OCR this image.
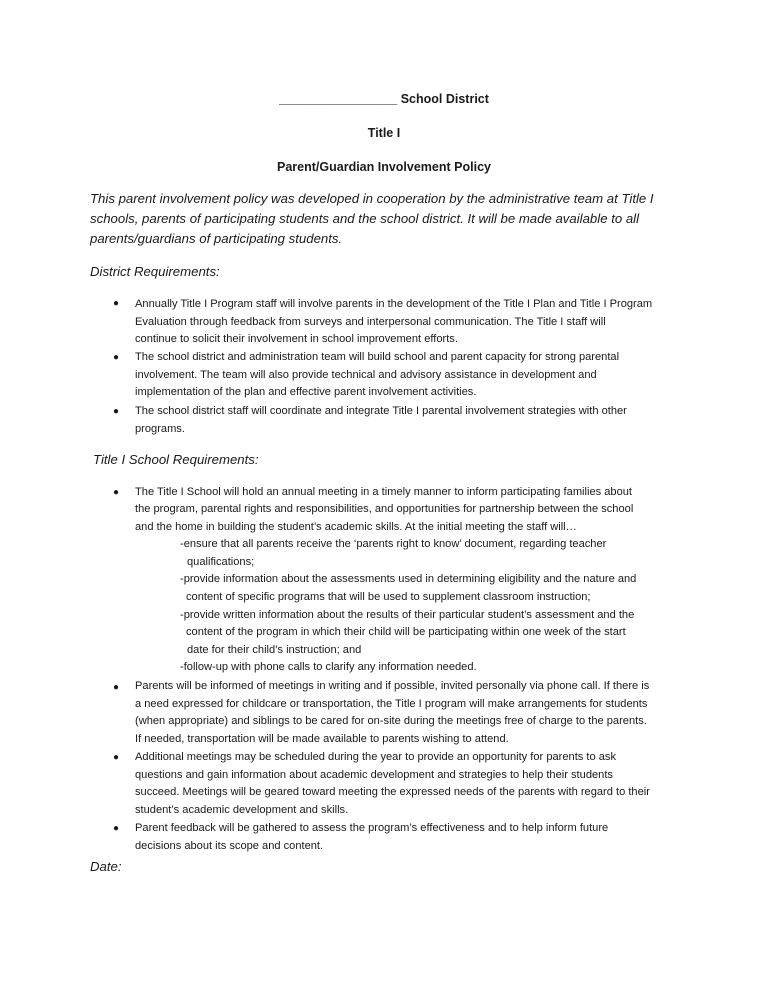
_________________ School District
Title I
Parent/Guardian Involvement Policy
This parent involvement policy was developed in cooperation by the administrative team at Title I
schools, parents of participating students and the school district. It will be made available to all
parents/guardians of participating students.
District Requirements:
● Annually Title I Program staff will involve parents in the development of the Title I Plan and Title I Program
Evaluation through feedback from surveys and interpersonal communication. The Title I staff will
continue to solicit their involvement in school improvement efforts.
● The school district and administration team will build school and parent capacity for strong parental
involvement. The team will also provide technical and advisory assistance in development and
implementation of the plan and effective parent involvement activities.
● The school district staff will coordinate and integrate Title I parental involvement strategies with other
programs.
Title I School Requirements:
● The Title I School will hold an annual meeting in a timely manner to inform participating families about
the program, parental rights and responsibilities, and opportunities for partnership between the school
and the home in building the student’s academic skills. At the initial meeting the staff will…
-ensure that all parents receive the ‘parents right to know’ document, regarding teacher
qualifications;
-provide information about the assessments used in determining eligibility and the nature and
content of specific programs that will be used to supplement classroom instruction;
-provide written information about the results of their particular student’s assessment and the
content of the program in which their child will be participating within one week of the start
date for their child’s instruction; and
-follow-up with phone calls to clarify any information needed.
● Parents will be informed of meetings in writing and if possible, invited personally via phone call. If there is
a need expressed for childcare or transportation, the Title I program will make arrangements for students
(when appropriate) and siblings to be cared for on-site during the meetings free of charge to the parents.
If needed, transportation will be made available to parents wishing to attend.
● Additional meetings may be scheduled during the year to provide an opportunity for parents to ask
questions and gain information about academic development and strategies to help their students
succeed. Meetings will be geared toward meeting the expressed needs of the parents with regard to their
student’s academic development and skills.
● Parent feedback will be gathered to assess the program’s effectiveness and to help inform future
decisions about its scope and content.
Date:
